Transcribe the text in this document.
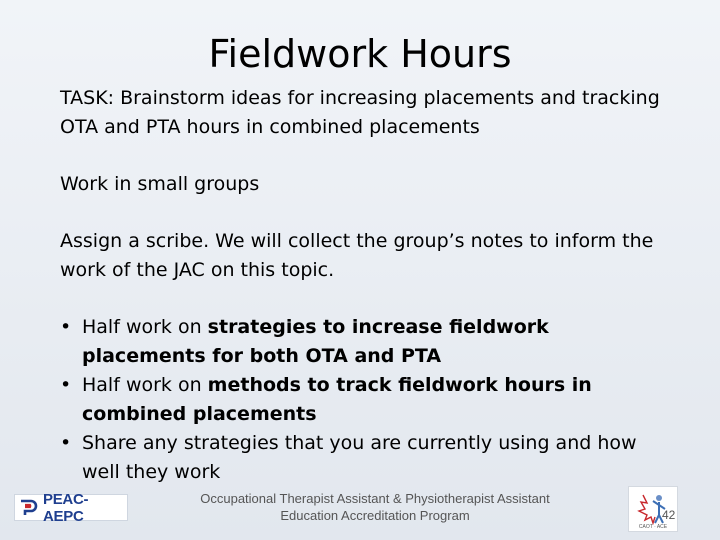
Fieldwork Hours

TASK: Brainstorm ideas for increasing placements and tracking OTA and PTA hours in combined placements

Work in small groups

Assign a scribe. We will collect the group’s notes to inform the work of the JAC on this topic.

• Half work on strategies to increase fieldwork placements for both OTA and PTA
• Half work on methods to track fieldwork hours in combined placements
• Share any strategies that you are currently using and how well they work
PEAC-AEPC
Occupational Therapist Assistant & Physiotherapist Assistant
Education Accreditation Program
CAOT · ACE
42
